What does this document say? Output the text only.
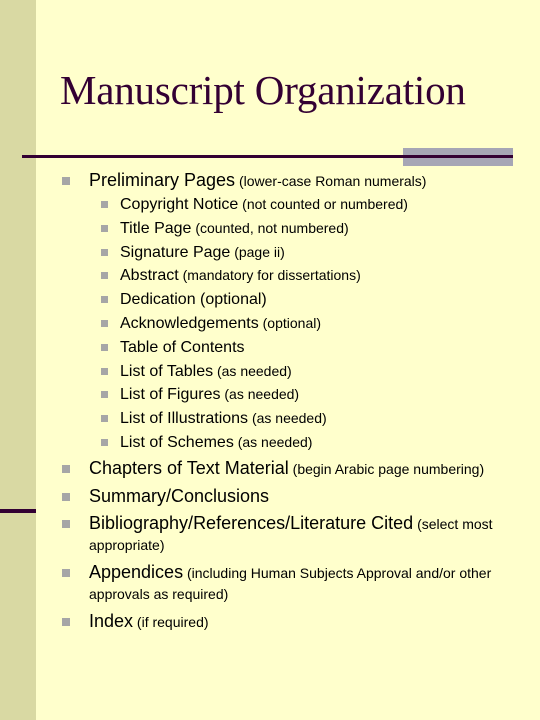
Manuscript Organization
Preliminary Pages (lower-case Roman numerals)
Copyright Notice (not counted or numbered)
Title Page (counted, not numbered)
Signature Page (page ii)
Abstract (mandatory for dissertations)
Dedication (optional)
Acknowledgements (optional)
Table of Contents
List of Tables (as needed)
List of Figures (as needed)
List of Illustrations (as needed)
List of Schemes (as needed)
Chapters of Text Material (begin Arabic page numbering)
Summary/Conclusions
Bibliography/References/Literature Cited (select most appropriate)
Appendices (including Human Subjects Approval and/or other approvals as required)
Index (if required)
